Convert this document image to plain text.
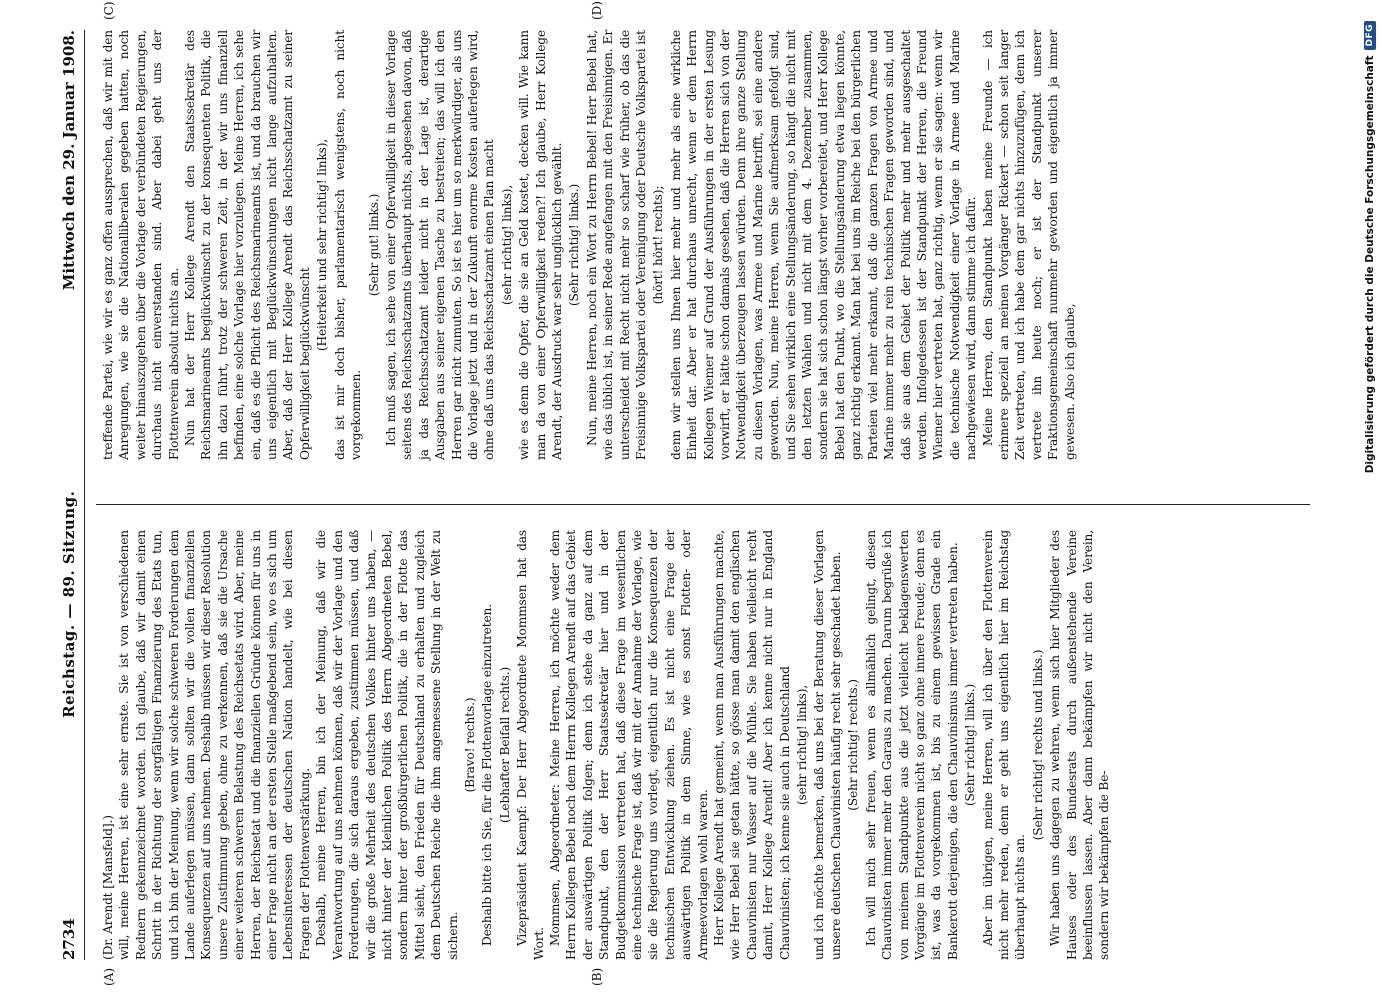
2734
Reichstag. — 89. Sitzung.
Mittwoch den 29. Januar 1908.
(A)	(B)
(C)	(D)

(Dr. Arendt [Mansfeld].) will, meine Herren, ist eine sehr ernste. Sie ist von verschiedenen Rednern gekennzeichnet worden. Ich glaube, daß wir damit einen Schritt in der Richtung der sorgfältigen Finanzierung des Etats tun, und ich bin der Meinung, wenn wir solche schweren Forderungen dem Lande auferlegen müssen, dann sollten wir die vollen finanziellen Konsequenzen auf uns nehmen. Deshalb müssen wir dieser Resolution unsere Zustimmung geben, ohne zu verkennen, daß sie die Ursache einer weiteren schweren Belastung des Reichsetats wird. Aber, meine Herren, der Reichsetat und die finanziellen Gründe können für uns in einer Frage nicht an der ersten Stelle maßgebend sein, wo es sich um Lebensinteressen der deutschen Nation handelt, wie bei diesen Fragen der Flottenverstärkung. Deshalb, meine Herren, bin ich der Meinung, daß wir die Verantwortung auf uns nehmen können, daß wir der Vorlage und den Forderungen, die sich daraus ergeben, zustimmen müssen, und daß wir die große Mehrheit des deutschen Volkes hinter uns haben, — nicht hinter der kleinlichen Politik des Herrn Abgeordneten Bebel, sondern hinter der großbürgerlichen Politik, die in der Flotte das Mittel sieht, den Frieden für Deutschland zu erhalten und zugleich dem Deutschen Reiche die ihm angemessene Stellung in der Welt zu sichern.

(Bravo! rechts.) Deshalb bitte ich Sie, für die Flottenvorlage einzutreten. (Lebhafter Beifall rechts.) Vizepräsident Kaempf: Der Herr Abgeordnete Mommsen hat das Wort. Mommsen, Abgeordneter: Meine Herren, ich möchte weder dem Herrn Kollegen Bebel noch dem Herrn Kollegen Arendt auf das Gebiet der auswärtigen Politik folgen; denn ich stehe da ganz auf dem Standpunkt, den der Herr Staatssekretär hier und in der Budgetkommission vertreten hat, daß diese Frage im wesentlichen eine technische Frage ist, daß wir mit der Annahme der Vorlage, wie sie die Regierung uns vorlegt, eigentlich nur die Konsequenzen der technischen Entwicklung ziehen. Es ist nicht eine Frage der auswärtigen Politik in dem Sinne, wie es sonst Flotten- oder Armeevorlagen wohl waren. Herr Kollege Arendt hat gemeint, wenn man Ausführungen machte, wie Herr Bebel sie getan hätte, so gösse man damit den englischen Chauvinisten nur Wasser auf die Mühle. Sie haben vielleicht recht damit, Herr Kollege Arendt! Aber ich kenne nicht nur in England Chauvinisten; ich kenne sie auch in Deutschland (sehr richtig! links), und ich möchte bemerken, daß uns bei der Beratung dieser Vorlagen unsere deutschen Chauvinisten häufig recht sehr geschadet haben. (Sehr richtig! rechts.) Ich will mich sehr freuen, wenn es allmählich gelingt, diesen Chauvinisten immer mehr den Garaus zu machen. Darum begrüße ich von meinem Standpunkte aus die jetzt vielleicht beklagenswerten Vorgänge im Flottenverein nicht so ganz ohne innere Freude; denn es ist, was da vorgekommen ist, bis zu einem gewissen Grade ein Bankerott derjenigen, die den Chauvinismus immer vertreten haben. (Sehr richtig! links.) Aber im übrigen, meine Herren, will ich über den Flottenverein nicht mehr reden, denn er geht uns eigentlich hier im Reichstag überhaupt nichts an.

(Sehr richtig! rechts und links.) Wir haben uns dagegen zu wehren, wenn sich hier Mitglieder des Hauses oder des Bundesrats durch außenstehende Vereine beeinflussen lassen. Aber dann bekämpfen wir nicht den Verein, sondern wir bekämpfen die Be-

treffende Partei, wie wir es ganz offen aussprechen, daß wir mit den Anregungen, wie sie die Nationalliberalen gegeben hatten, noch weiter hinauszugehen über die Vorlage der verbündeten Regierungen, durchaus nicht einverstanden sind. Aber dabei geht uns der Flottenverein absolut nichts an. Nun hat der Herr Kollege Arendt den Staatssekretär des Reichsmarineamts beglückwünscht zu der konsequenten Politik, die ihn dazu führt, trotz der schweren Zeit, in der wir uns finanziell befinden, eine solche Vorlage hier vorzulegen. Meine Herren, ich sehe ein, daß es die Pflicht des Reichsmarineamts ist, und da brauchen wir uns eigentlich mit Beglückwünschungen nicht lange aufzuhalten. Aber, daß der Herr Kollege Arendt das Reichsschatzamt zu seiner Opferwilligkeit beglückwünscht

(Heiterkeit und sehr richtig! links), das ist mir doch bisher, parlamentarisch wenigstens, noch nicht vorgekommen.

(Sehr gut! links.) Ich muß sagen, ich sehe von einer Opferwilligkeit in dieser Vorlage seitens des Reichsschatzamts überhaupt nichts, abgesehen davon, daß ja das Reichsschatzamt leider nicht in der Lage ist, derartige Ausgaben aus seiner eigenen Tasche zu bestreiten; das will ich den Herren gar nicht zumuten. So ist es hier um so merkwürdiger, als uns die Vorlage jetzt und in der Zukunft enorme Kosten auferlegen wird, ohne daß uns das Reichsschatzamt einen Plan macht (sehr richtig! links), wie es denn die Opfer, die sie an Geld kostet, decken will. Wie kann man da von einer Opferwilligkeit reden?! Ich glaube, Herr Kollege Arendt, der Ausdruck war sehr unglücklich gewählt. (Sehr richtig! links.) Nun, meine Herren, noch ein Wort zu Herrn Bebel! Herr Bebel hat, wie das üblich ist, in seiner Rede angefangen mit den Freisinnigen. Er unterscheidet mit Recht nicht mehr so scharf wie früher, ob das die Freisinnige Volkspartei oder Vereinigung oder Deutsche Volkspartei ist (hört! hört! rechts); denn wir stellen uns Ihnen hier mehr und mehr als eine wirkliche Einheit dar. Aber er hat durchaus unrecht, wenn er dem Herrn Kollegen Wiemer auf Grund der Ausführungen in der ersten Lesung vorwirft, er hätte schon damals gesehen, daß die Herren sich von der Notwendigkeit überzeugen lassen würden. Denn ihre ganze Stellung zu diesen Vorlagen, was Armee und Marine betrifft, sei eine andere geworden. Nun, meine Herren, wenn Sie aufmerksam gefolgt sind, und Sie sehen wirklich eine Stellungsänderung, so hängt die nicht mit den letzten Wahlen und nicht mit dem 4. Dezember zusammen, sondern sie hat sich schon längst vorher vorbereitet, und Herr Kollege Bebel hat den Punkt, wo die Stellungsänderung etwa liegen könnte, ganz richtig erkannt. Man hat bei uns im Reiche bei den bürgerlichen Parteien viel mehr erkannt, daß die ganzen Fragen von Armee und Marine immer mehr zu rein technischen Fragen geworden sind, und daß sie aus dem Gebiet der Politik mehr und mehr ausgeschaltet werden. Infolgedessen ist der Standpunkt der Herren, die Freund Wiemer hier vertreten hat, ganz richtig, wenn er sie sagen: wenn wir die technische Notwendigkeit einer Vorlage in Armee und Marine nachgewiesen wird, dann stimme ich dafür. Meine Herren, den Standpunkt haben meine Freunde — ich erinnere speziell an meinen Vorgänger Rickert — schon seit langer Zeit vertreten, und ich habe dem gar nichts hinzuzufügen, denn ich vertrete ihn heute noch; er ist der Standpunkt unserer Fraktionsgemeinschaft nunmehr geworden und eigentlich ja immer gewesen. Also ich glaube,	Digitalisierung gefördert durch die Deutsche Forschungsgemeinschaft
DFG
